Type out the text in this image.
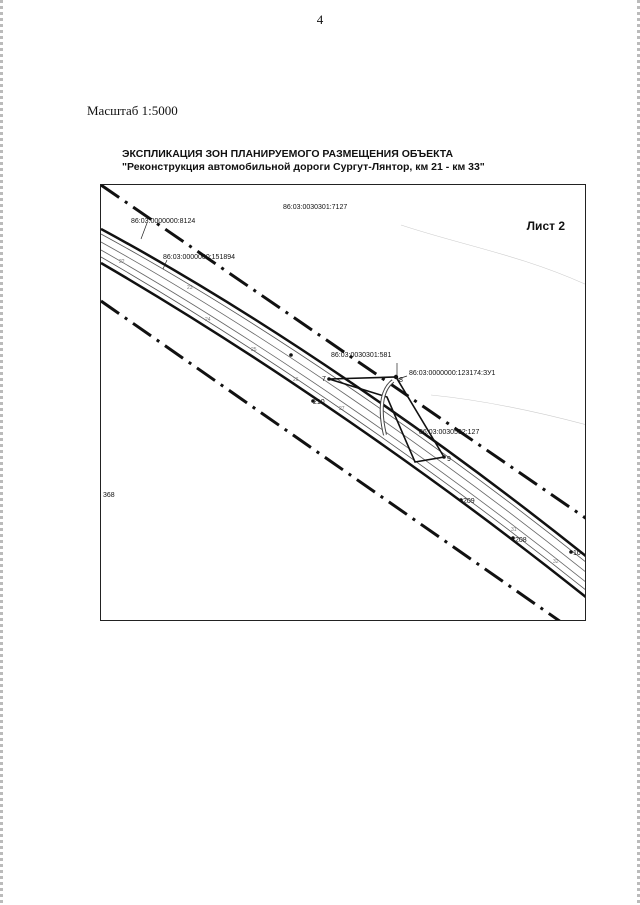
4
Масштаб 1:5000
ЭКСПЛИКАЦИЯ ЗОН ПЛАНИРУЕМОГО РАЗМЕЩЕНИЯ ОБЪЕКТА
"Реконструкция автомобильной дороги Сургут-Лянтор, км 21 - км 33"
22
23
24
25
26
27
31
32
86:03:0000000:8124
86:03:0000000:151894
86:03:0030301:7127
86:03:0030301:581
86:03:0000000:123174:ЗУ1
86:03:0030502:127
7	8
9
10
208
209
210
368
Лист 2
